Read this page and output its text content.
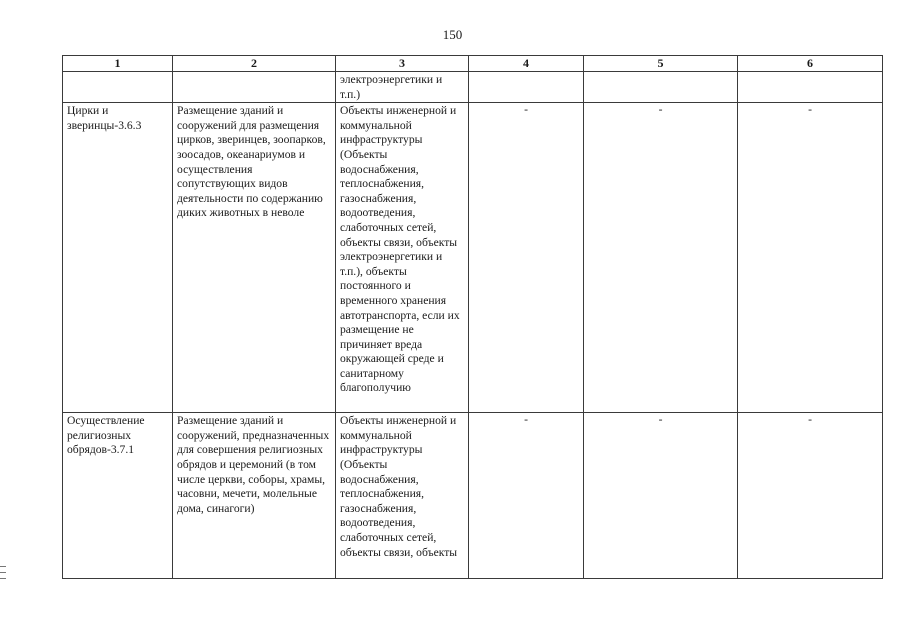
150
1	2	3	4	5	6
		электроэнергетики и т.п.)			
Цирки и зверинцы-3.6.3	Размещение зданий и сооружений для размещения цирков, зверинцев, зоопарков, зоосадов, океанариумов и осуществления сопутствующих видов деятельности по содержанию диких животных в неволе	Объекты инженерной и коммунальной инфраструктуры (Объекты водоснабжения, теплоснабжения, газоснабжения, водоотведения, слаботочных сетей, объекты связи, объекты электроэнергетики и т.п.), объекты постоянного и временного хранения автотранспорта, если их размещение не причиняет вреда окружающей среде и санитарному благополучию	-	-	-
Осуществление религиозных обрядов-3.7.1	Размещение зданий и сооружений, предназначенных для совершения религиозных обрядов и церемоний (в том числе церкви, соборы, храмы, часовни, мечети, молельные дома, синагоги)	Объекты инженерной и коммунальной инфраструктуры (Объекты водоснабжения, теплоснабжения, газоснабжения, водоотведения, слаботочных сетей, объекты связи, объекты	-	-	-
